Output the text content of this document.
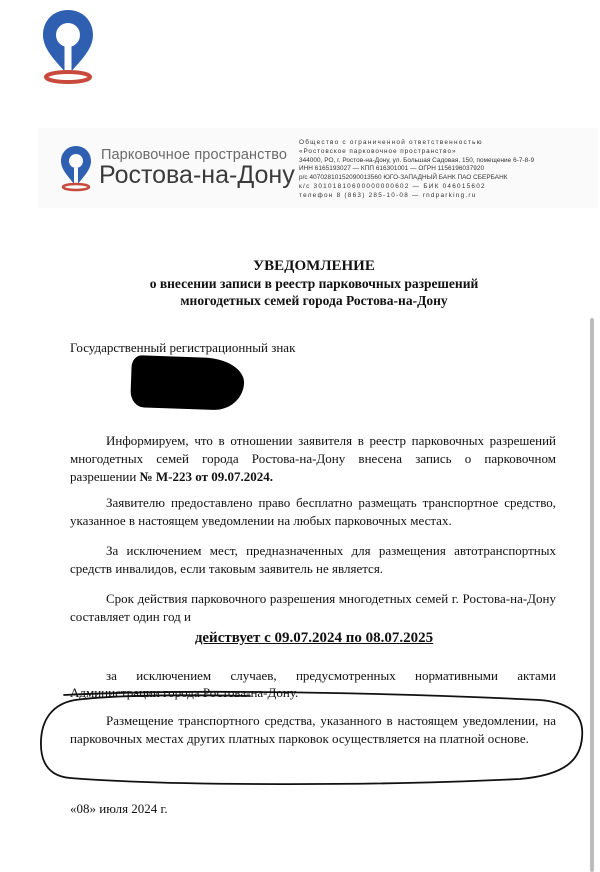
Парковочное пространство
Ростова-на-Дону
Общество с ограниченной ответственностью
«Ростовское парковочное пространство»
344000, РО, г. Ростов-на-Дону, ул. Большая Садовая, 150, помещение 6-7-8-9
ИНН 6165193027 — КПП 616301001 — ОГРН 1156196037920
р/с 40702810152090013560 ЮГО-ЗАПАДНЫЙ БАНК ПАО СБЕРБАНК
к/с 30101810600000000602 — БИК 046015602
телефон 8 (863) 285-10-08 — rndparking.ru
УВЕДОМЛЕНИЕ
о внесении записи в реестр парковочных разрешений
многодетных семей города Ростова-на-Дону
Государственный регистрационный знак
Информируем, что в отношении заявителя в реестр парковочных разрешений многодетных семей города Ростова-на-Дону внесена запись о парковочном разрешении № М-223 от 09.07.2024.
Заявителю предоставлено право бесплатно размещать транспортное средство, указанное в настоящем уведомлении на любых парковочных местах.
За исключением мест, предназначенных для размещения автотранспортных средств инвалидов, если таковым заявитель не является.
Срок действия парковочного разрешения многодетных семей г. Ростова-на-Дону составляет один год и
действует с 09.07.2024 по 08.07.2025
за исключением случаев, предусмотренных нормативными актами
Администрации города Ростова-на-Дону.
Размещение транспортного средства, указанного в настоящем уведомлении, на парковочных местах других платных парковок осуществляется на платной основе.
«08» июля 2024 г.
